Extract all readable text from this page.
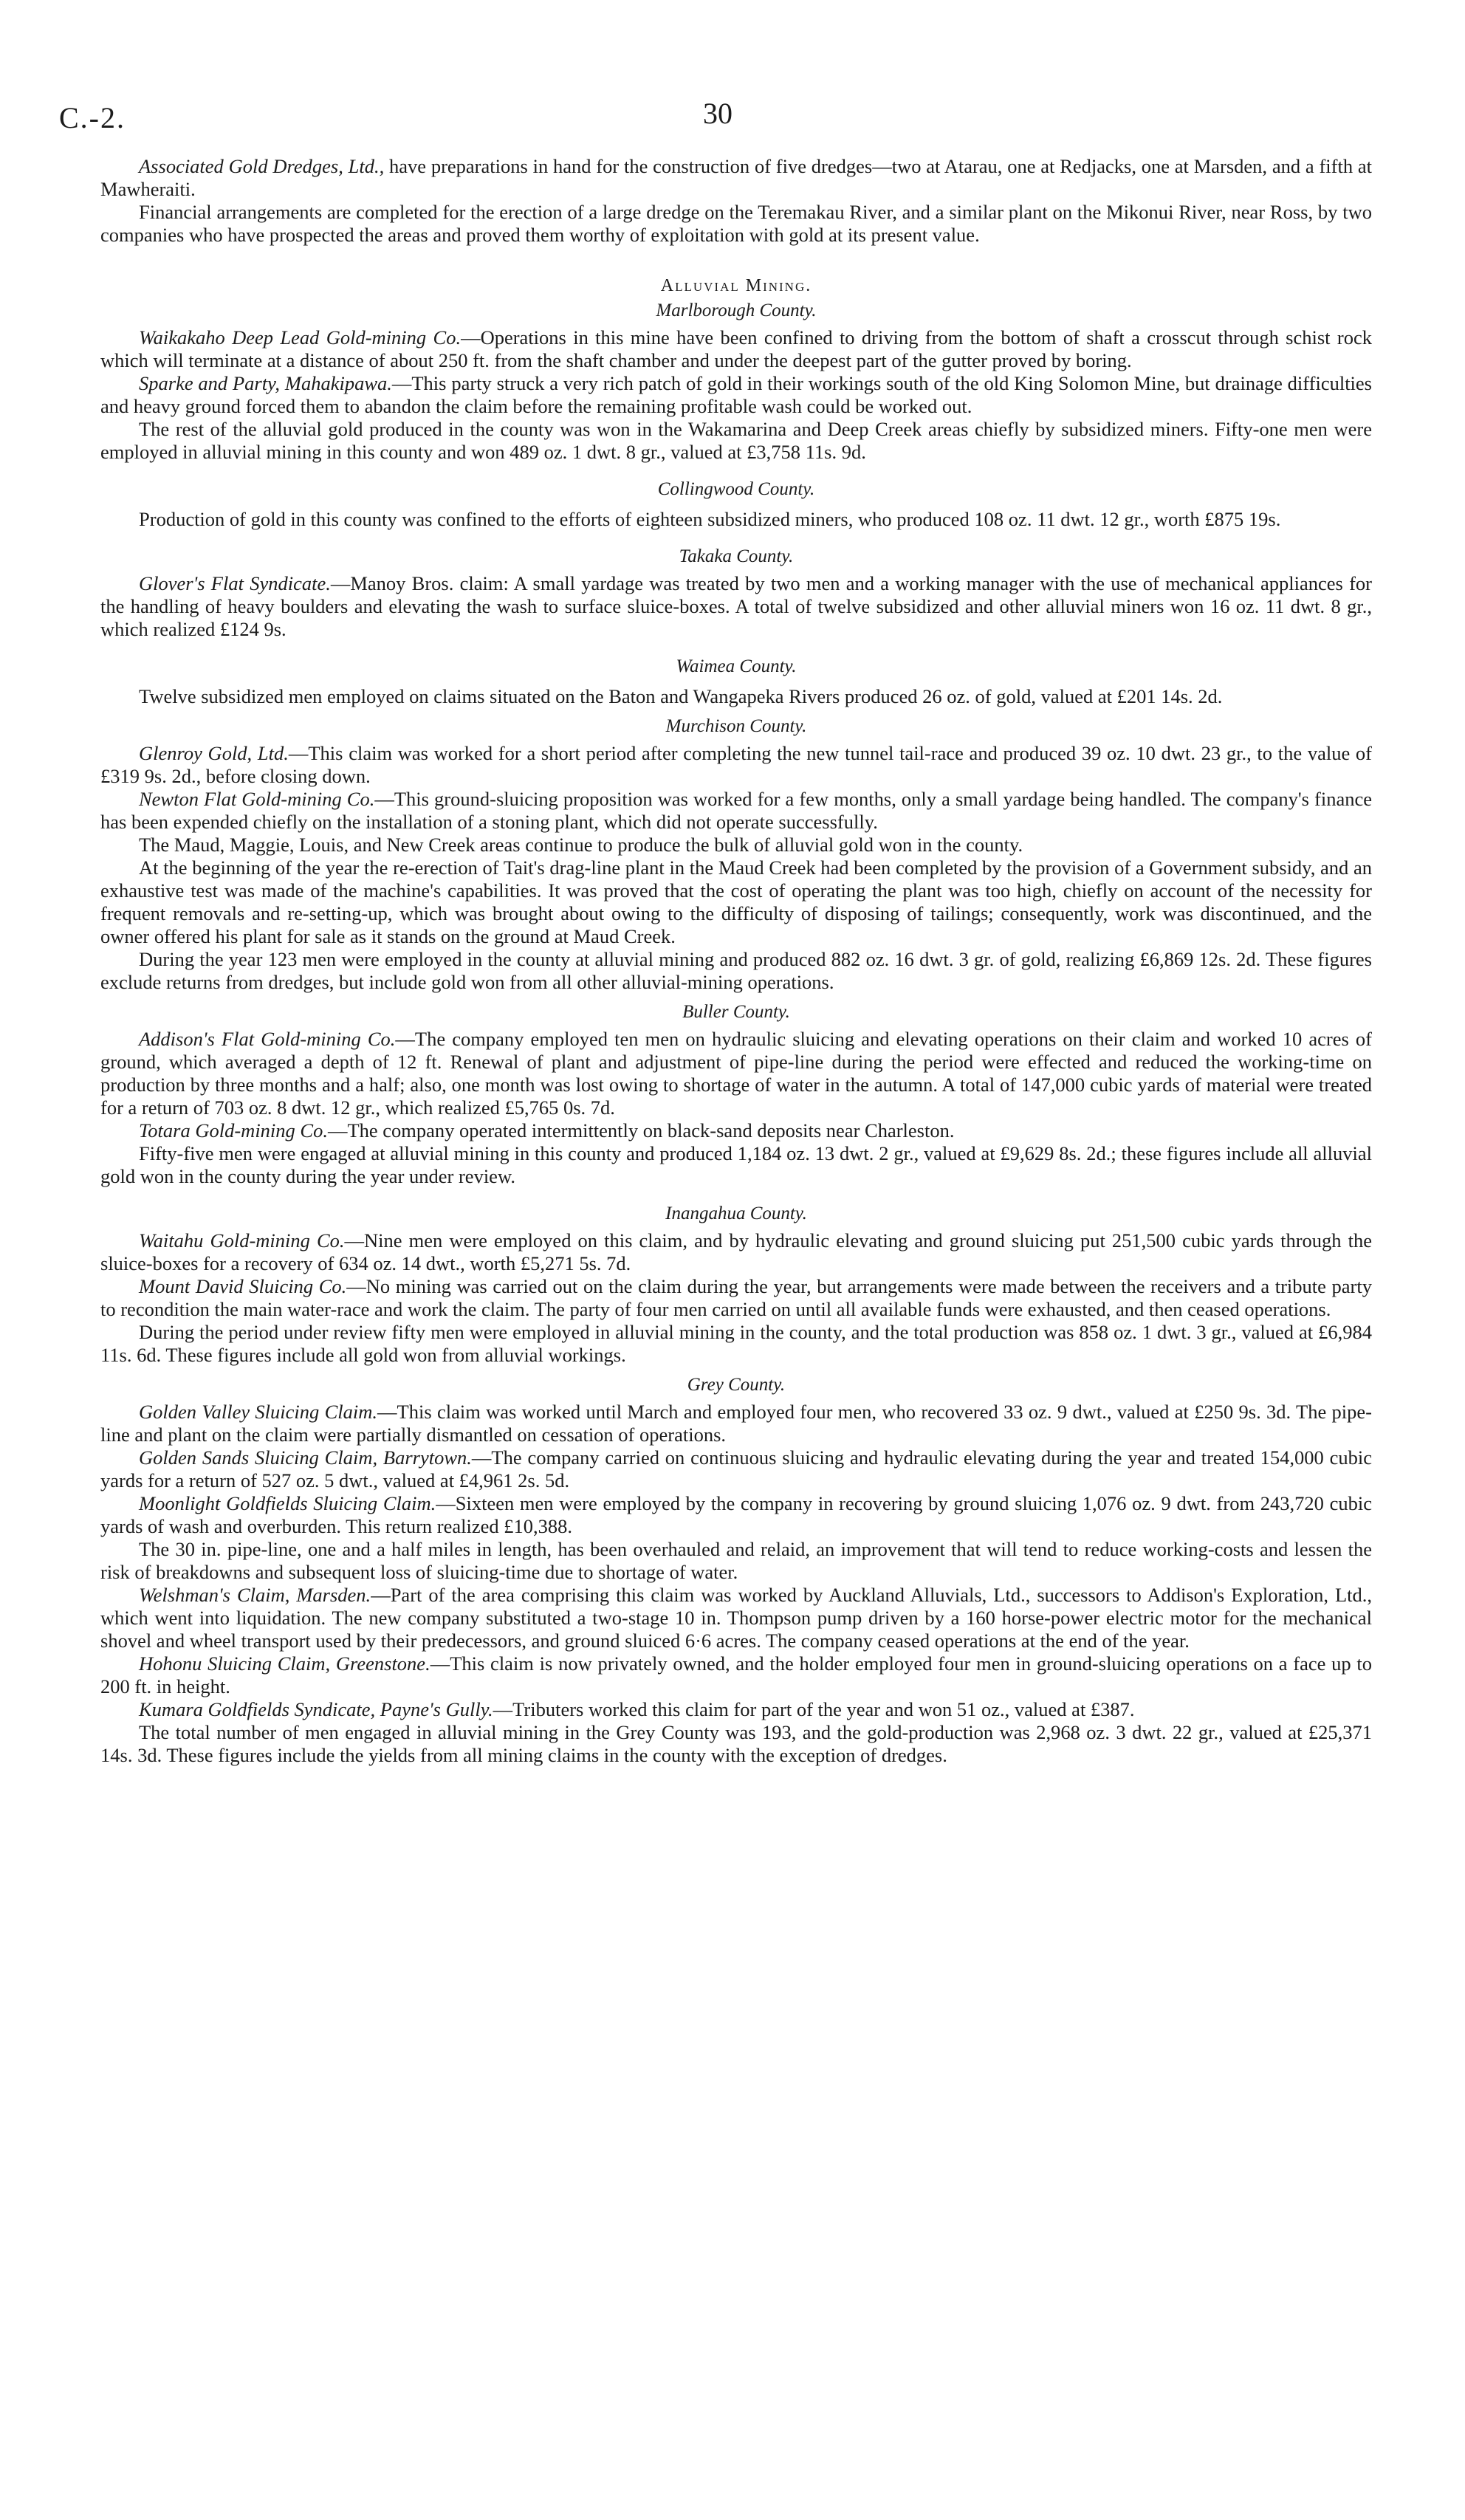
C.-2.	30

Associated Gold Dredges, Ltd., have preparations in hand for the construction of five dredges—two at Atarau, one at Redjacks, one at Marsden, and a fifth at Mawheraiti.

Financial arrangements are completed for the erection of a large dredge on the Teremakau River, and a similar plant on the Mikonui River, near Ross, by two companies who have prospected the areas and proved them worthy of exploitation with gold at its present value.

Alluvial Mining.

Marlborough County.

Waikakaho Deep Lead Gold-mining Co.—Operations in this mine have been confined to driving from the bottom of shaft a crosscut through schist rock which will terminate at a distance of about 250 ft. from the shaft chamber and under the deepest part of the gutter proved by boring.

Sparke and Party, Mahakipawa.—This party struck a very rich patch of gold in their workings south of the old King Solomon Mine, but drainage difficulties and heavy ground forced them to abandon the claim before the remaining profitable wash could be worked out.

The rest of the alluvial gold produced in the county was won in the Wakamarina and Deep Creek areas chiefly by subsidized miners. Fifty-one men were employed in alluvial mining in this county and won 489 oz. 1 dwt. 8 gr., valued at £3,758 11s. 9d.

Collingwood County.

Production of gold in this county was confined to the efforts of eighteen subsidized miners, who produced 108 oz. 11 dwt. 12 gr., worth £875 19s.

Takaka County.

Glover's Flat Syndicate.—Manoy Bros. claim: A small yardage was treated by two men and a working manager with the use of mechanical appliances for the handling of heavy boulders and elevating the wash to surface sluice-boxes. A total of twelve subsidized and other alluvial miners won 16 oz. 11 dwt. 8 gr., which realized £124 9s.

Waimea County.

Twelve subsidized men employed on claims situated on the Baton and Wangapeka Rivers produced 26 oz. of gold, valued at £201 14s. 2d.

Murchison County.

Glenroy Gold, Ltd.—This claim was worked for a short period after completing the new tunnel tail-race and produced 39 oz. 10 dwt. 23 gr., to the value of £319 9s. 2d., before closing down.

Newton Flat Gold-mining Co.—This ground-sluicing proposition was worked for a few months, only a small yardage being handled. The company's finance has been expended chiefly on the installation of a stoning plant, which did not operate successfully.

The Maud, Maggie, Louis, and New Creek areas continue to produce the bulk of alluvial gold won in the county.

At the beginning of the year the re-erection of Tait's drag-line plant in the Maud Creek had been completed by the provision of a Government subsidy, and an exhaustive test was made of the machine's capabilities. It was proved that the cost of operating the plant was too high, chiefly on account of the necessity for frequent removals and re-setting-up, which was brought about owing to the difficulty of disposing of tailings; consequently, work was discontinued, and the owner offered his plant for sale as it stands on the ground at Maud Creek.

During the year 123 men were employed in the county at alluvial mining and produced 882 oz. 16 dwt. 3 gr. of gold, realizing £6,869 12s. 2d. These figures exclude returns from dredges, but include gold won from all other alluvial-mining operations.

Buller County.

Addison's Flat Gold-mining Co.—The company employed ten men on hydraulic sluicing and elevating operations on their claim and worked 10 acres of ground, which averaged a depth of 12 ft. Renewal of plant and adjustment of pipe-line during the period were effected and reduced the working-time on production by three months and a half; also, one month was lost owing to shortage of water in the autumn. A total of 147,000 cubic yards of material were treated for a return of 703 oz. 8 dwt. 12 gr., which realized £5,765 0s. 7d.

Totara Gold-mining Co.—The company operated intermittently on black-sand deposits near Charleston.

Fifty-five men were engaged at alluvial mining in this county and produced 1,184 oz. 13 dwt. 2 gr., valued at £9,629 8s. 2d.; these figures include all alluvial gold won in the county during the year under review.

Inangahua County.

Waitahu Gold-mining Co.—Nine men were employed on this claim, and by hydraulic elevating and ground sluicing put 251,500 cubic yards through the sluice-boxes for a recovery of 634 oz. 14 dwt., worth £5,271 5s. 7d.

Mount David Sluicing Co.—No mining was carried out on the claim during the year, but arrangements were made between the receivers and a tribute party to recondition the main water-race and work the claim. The party of four men carried on until all available funds were exhausted, and then ceased operations.

During the period under review fifty men were employed in alluvial mining in the county, and the total production was 858 oz. 1 dwt. 3 gr., valued at £6,984 11s. 6d. These figures include all gold won from alluvial workings.

Grey County.

Golden Valley Sluicing Claim.—This claim was worked until March and employed four men, who recovered 33 oz. 9 dwt., valued at £250 9s. 3d. The pipe-line and plant on the claim were partially dismantled on cessation of operations.

Golden Sands Sluicing Claim, Barrytown.—The company carried on continuous sluicing and hydraulic elevating during the year and treated 154,000 cubic yards for a return of 527 oz. 5 dwt., valued at £4,961 2s. 5d.

Moonlight Goldfields Sluicing Claim.—Sixteen men were employed by the company in recovering by ground sluicing 1,076 oz. 9 dwt. from 243,720 cubic yards of wash and overburden. This return realized £10,388.

The 30 in. pipe-line, one and a half miles in length, has been overhauled and relaid, an improvement that will tend to reduce working-costs and lessen the risk of breakdowns and subsequent loss of sluicing-time due to shortage of water.

Welshman's Claim, Marsden.—Part of the area comprising this claim was worked by Auckland Alluvials, Ltd., successors to Addison's Exploration, Ltd., which went into liquidation. The new company substituted a two-stage 10 in. Thompson pump driven by a 160 horse-power electric motor for the mechanical shovel and wheel transport used by their predecessors, and ground sluiced 6·6 acres. The company ceased operations at the end of the year.

Hohonu Sluicing Claim, Greenstone.—This claim is now privately owned, and the holder employed four men in ground-sluicing operations on a face up to 200 ft. in height.

Kumara Goldfields Syndicate, Payne's Gully.—Tributers worked this claim for part of the year and won 51 oz., valued at £387.

The total number of men engaged in alluvial mining in the Grey County was 193, and the gold-production was 2,968 oz. 3 dwt. 22 gr., valued at £25,371 14s. 3d. These figures include the yields from all mining claims in the county with the exception of dredges.
